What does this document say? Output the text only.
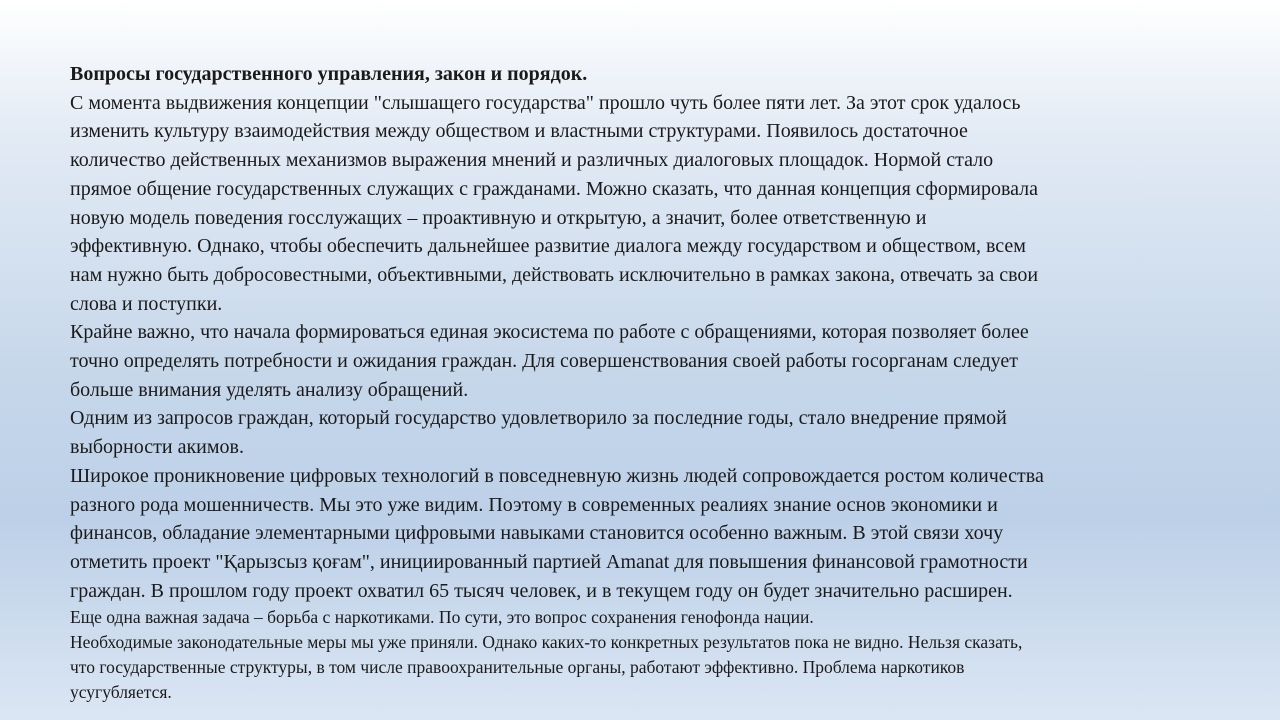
Вопросы государственного управления, закон и порядок.
С момента выдвижения концепции "слышащего государства" прошло чуть более пяти лет. За этот срок удалось
изменить культуру взаимодействия между обществом и властными структурами. Появилось достаточное
количество действенных механизмов выражения мнений и различных диалоговых площадок. Нормой стало
прямое общение государственных служащих с гражданами. Можно сказать, что данная концепция сформировала
новую модель поведения госслужащих – проактивную и открытую, а значит, более ответственную и
эффективную. Однако, чтобы обеспечить дальнейшее развитие диалога между государством и обществом, всем
нам нужно быть добросовестными, объективными, действовать исключительно в рамках закона, отвечать за свои
слова и поступки.
Крайне важно, что начала формироваться единая экосистема по работе с обращениями, которая позволяет более
точно определять потребности и ожидания граждан. Для совершенствования своей работы госорганам следует
больше внимания уделять анализу обращений.
Одним из запросов граждан, который государство удовлетворило за последние годы, стало внедрение прямой
выборности акимов.
Широкое проникновение цифровых технологий в повседневную жизнь людей сопровождается ростом количества
разного рода мошенничеств. Мы это уже видим. Поэтому в современных реалиях знание основ экономики и
финансов, обладание элементарными цифровыми навыками становится особенно важным. В этой связи хочу
отметить проект "Қарызсыз қоғам", инициированный партией Amanat для повышения финансовой грамотности
граждан. В прошлом году проект охватил 65 тысяч человек, и в текущем году он будет значительно расширен.
Еще одна важная задача – борьба с наркотиками. По сути, это вопрос сохранения генофонда нации.
Необходимые законодательные меры мы уже приняли. Однако каких-то конкретных результатов пока не видно. Нельзя сказать,
что государственные структуры, в том числе правоохранительные органы, работают эффективно. Проблема наркотиков
усугубляется.
